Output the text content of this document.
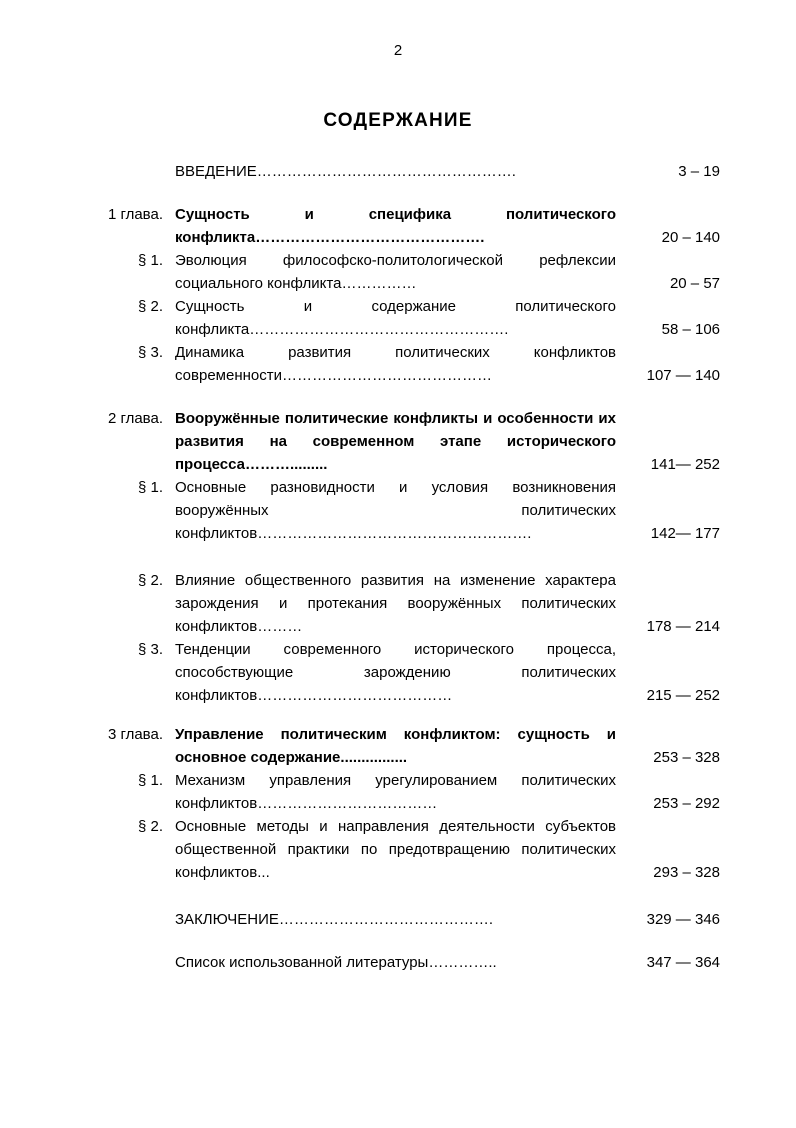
2
СОДЕРЖАНИЕ
ВВЕДЕНИЕ…………………………………………….	3 – 19
1 глава. Сущность и специфика политического конфликта……………………………………….	20 – 140
§ 1. Эволюция философско-политологической рефлексии социального конфликта……………	20 – 57
§ 2. Сущность и содержание политического конфликта…………………………………………….	58 – 106
§ 3. Динамика развития политических конфликтов современности……………………………………	107 — 140
2 глава. Вооружённые политические конфликты и особенности их развития на современном этапе исторического процесса……….........	141— 252
§ 1. Основные разновидности и условия возникновения вооружённых политических конфликтов……………………………………………….	142— 177
§ 2. Влияние общественного развития на изменение характера зарождения и протекания вооружённых политических конфликтов………	178 — 214
§ 3. Тенденции современного исторического процесса, способствующие зарождению политических конфликтов…………………………………	215 — 252
3 глава. Управление политическим конфликтом: сущность и основное содержание................	253 – 328
§ 1. Механизм управления урегулированием политических конфликтов………………………………	253 – 292
§ 2. Основные методы и направления деятельности субъектов общественной практики по предотвращению политических конфликтов...	293 – 328
ЗАКЛЮЧЕНИЕ…………………………………….	329 — 346
Список использованной литературы…………..	347 — 364
